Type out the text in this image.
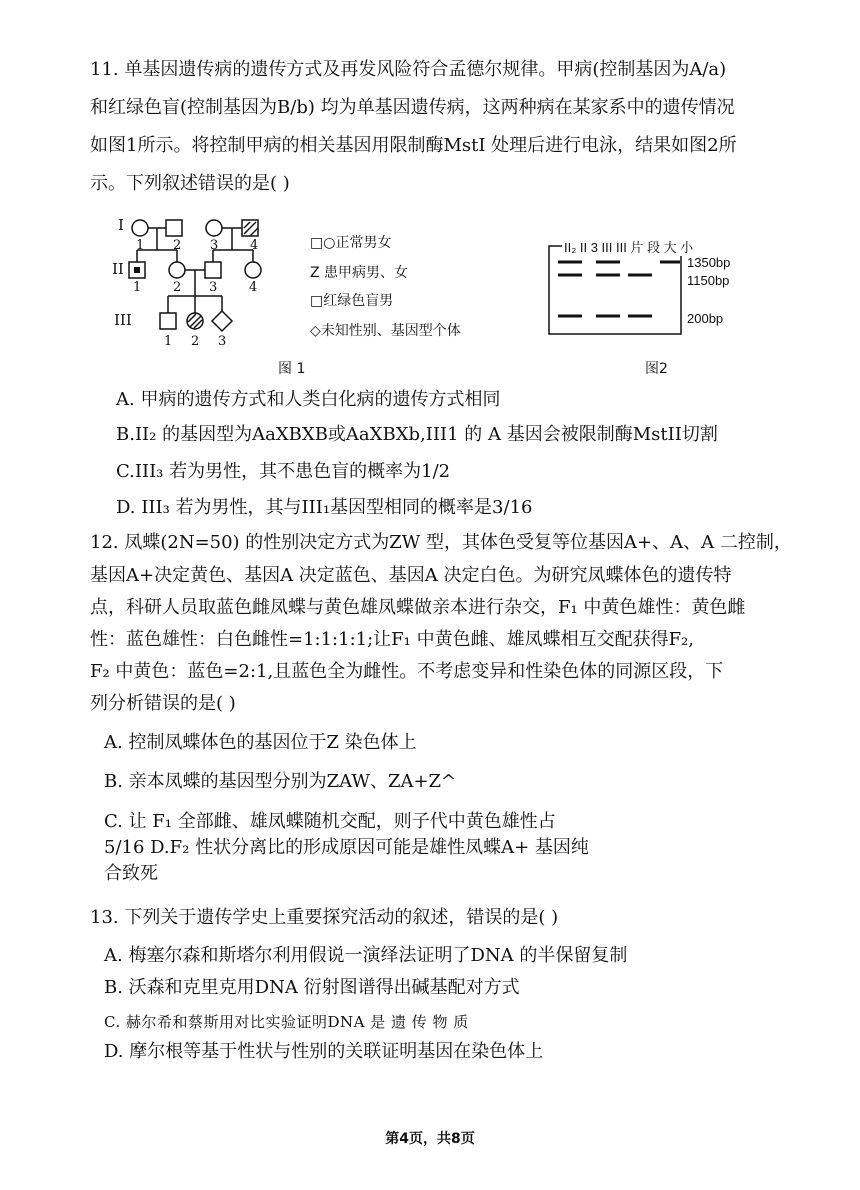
11. 单基因遗传病的遗传方式及再发风险符合孟德尔规律。甲病(控制基因为A/a)
和红绿色盲(控制基因为B/b) 均为单基因遗传病，这两种病在某家系中的遗传情况
如图1所示。将控制甲病的相关基因用限制酶MstI 处理后进行电泳，结果如图2所
示。下列叙述错误的是( )
I
II
III
1 2 3 4
1 2 3 4
1 2 3
□○正常男女
Z 患甲病男、女
□红绿色盲男
◇未知性别、基因型个体
II₂ II 3 III III 片 段 大 小
1350bp
1150bp
200bp
图 1	图2
A. 甲病的遗传方式和人类白化病的遗传方式相同
B.II₂ 的基因型为AaXBXB或AaXBXb,III1 的 A 基因会被限制酶MstII切割
C.III₃ 若为男性，其不患色盲的概率为1/2
D. III₃ 若为男性，其与III₁基因型相同的概率是3/16
12. 凤蝶(2N=50) 的性别决定方式为ZW 型，其体色受复等位基因A+、A、A 二控制，
基因A+决定黄色、基因A 决定蓝色、基因A 决定白色。为研究凤蝶体色的遗传特
点，科研人员取蓝色雌凤蝶与黄色雄凤蝶做亲本进行杂交，F₁ 中黄色雄性：黄色雌
性：蓝色雄性：白色雌性=1:1:1:1;让F₁ 中黄色雌、雄凤蝶相互交配获得F₂,
F₂ 中黄色：蓝色=2:1,且蓝色全为雌性。不考虑变异和性染色体的同源区段，下
列分析错误的是( )
A. 控制凤蝶体色的基因位于Z 染色体上
B. 亲本凤蝶的基因型分别为ZAW、ZA+Z^
C. 让 F₁ 全部雌、雄凤蝶随机交配，则子代中黄色雄性占
5/16 D.F₂ 性状分离比的形成原因可能是雄性凤蝶A+ 基因纯
合致死
13. 下列关于遗传学史上重要探究活动的叙述，错误的是( )
A. 梅塞尔森和斯塔尔利用假说一演绎法证明了DNA 的半保留复制
B. 沃森和克里克用DNA 衍射图谱得出碱基配对方式
C. 赫尔希和蔡斯用对比实验证明DNA 是 遗 传 物 质
D. 摩尔根等基于性状与性别的关联证明基因在染色体上
第4页，共8页
